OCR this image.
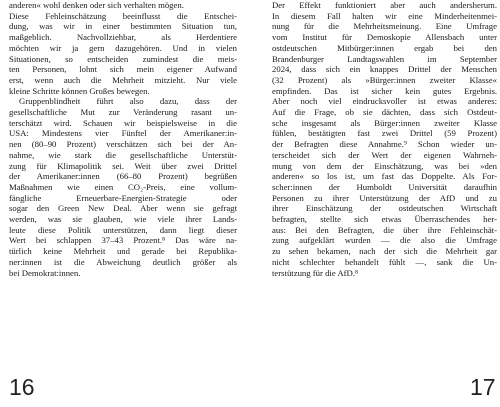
anderen« wohl denken oder sich verhalten mögen.
Diese Fehleinschätzung beeinflusst die Entschei-
dung, was wir in einer bestimmten Situation tun,
maßgeblich. Nachvollziehbar, als Herdentiere
möchten wir ja gern dazugehören. Und in vielen
Situationen, so entscheiden zumindest die meis-
ten Personen, lohnt sich mein eigener Aufwand
erst, wenn auch die Mehrheit mitzieht. Nur viele
kleine Schritte können Großes bewegen.
Gruppenblindheit führt also dazu, dass der
gesellschaftliche Mut zur Veränderung rasant un-
terschätzt wird. Schauen wir beispielsweise in die
USA: Mindestens vier Fünftel der Amerikaner:in-
nen (80–90 Prozent) verschätzen sich bei der An-
nahme, wie stark die gesellschaftliche Unterstüt-
zung für Klimapolitik sei. Weit über zwei Drittel
der Amerikaner:innen (66–80 Prozent) begrüßen
Maßnahmen wie einen CO₂-Preis, eine vollum-
fängliche Erneuerbare-Energien-Strategie oder
sogar den Green New Deal. Aber wenn sie gefragt
werden, was sie glauben, wie viele ihrer Lands-
leute diese Politik unterstützen, dann liegt dieser
Wert bei schlappen 37–43 Prozent.⁸ Das wäre na-
türlich keine Mehrheit und gerade bei Republika-
ner:innen ist die Abweichung deutlich größer als
bei Demokrat:innen.
16
Der Effekt funktioniert aber auch andersherum.
In diesem Fall halten wir eine Minderheitenmei-
nung für die Mehrheitsmeinung. Eine Umfrage
vom Institut für Demoskopie Allensbach unter
ostdeutschen Mitbürger:innen ergab bei den
Brandenburger Landtagswahlen im September
2024, dass sich ein knappes Drittel der Menschen
(32 Prozent) als »Bürger:innen zweiter Klasse«
empfinden. Das ist sicher kein gutes Ergebnis.
Aber noch viel eindrucksvoller ist etwas anderes:
Auf die Frage, ob sie dächten, dass sich Ostdeut-
sche insgesamt als Bürger:innen zweiter Klasse
fühlen, bestätigten fast zwei Drittel (59 Prozent)
der Befragten diese Annahme.⁹ Schon wieder un-
terscheidet sich der Wert der eigenen Wahrneh-
mung von dem der Einschätzung, was bei »den
anderen« so los ist, um fast das Doppelte. Als For-
scher:innen der Humboldt Universität daraufhin
Personen zu ihrer Unterstützung der AfD und zu
ihrer Einschätzung der ostdeutschen Wirtschaft
befragten, stellte sich etwas Überraschendes her-
aus: Bei den Befragten, die über ihre Fehleinschät-
zung aufgeklärt wurden — die also die Umfrage
zu sehen bekamen, nach der sich die Mehrheit gar
nicht schlechter behandelt fühlt —, sank die Un-
terstützung für die AfD.⁸
17
